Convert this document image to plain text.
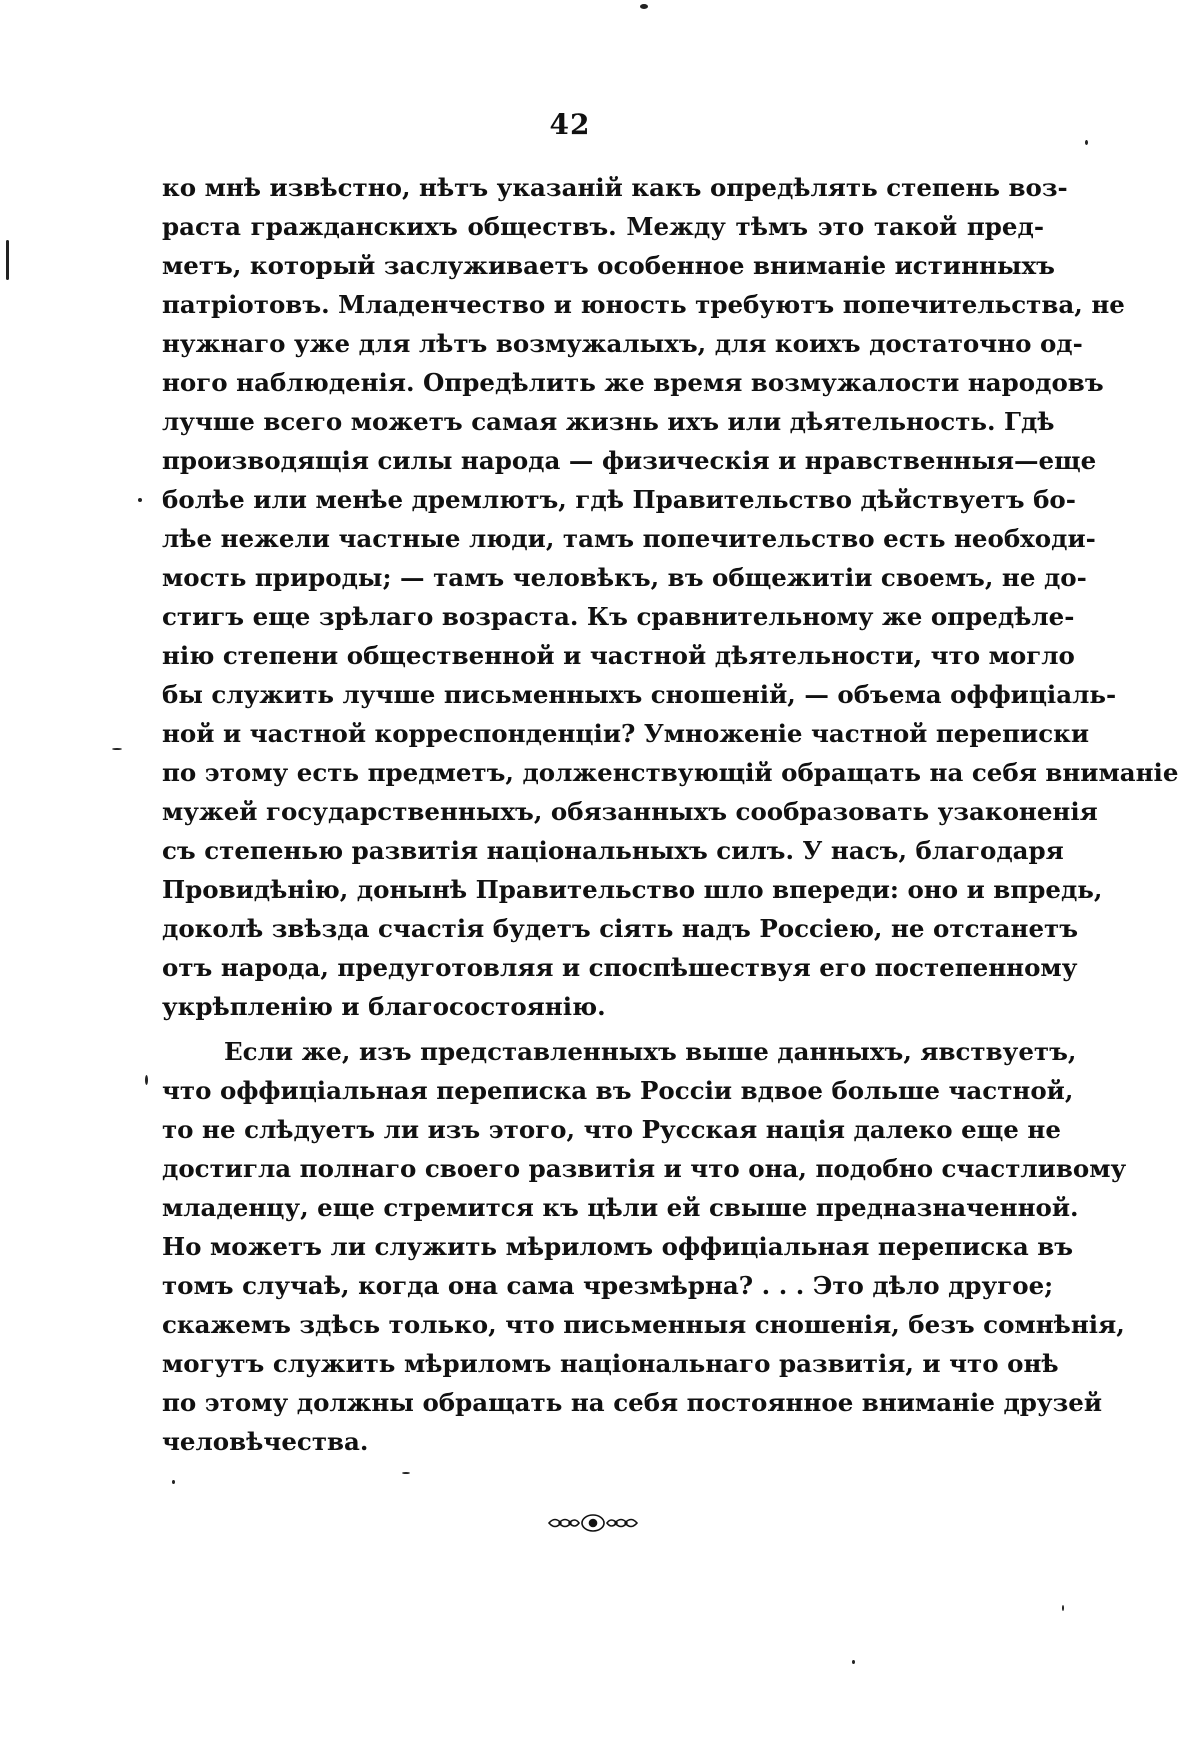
42
ко мнѣ извѣстно, нѣтъ указаній какъ опредѣлять степень воз-
раста гражданскихъ обществъ. Между тѣмъ это такой пред-
метъ, который заслуживаетъ особенное вниманіе истинныхъ
патріотовъ. Младенчество и юность требуютъ попечительства, не
нужнаго уже для лѣтъ возмужалыхъ, для коихъ достаточно од-
ного наблюденія. Опредѣлить же время возмужалости народовъ
лучше всего можетъ самая жизнь ихъ или дѣятельность. Гдѣ
производящія силы народа — физическія и нравственныя—еще
болѣе или менѣе дремлютъ, гдѣ Правительство дѣйствуетъ бо-
лѣе нежели частные люди, тамъ попечительство есть необходи-
мость природы; — тамъ человѣкъ, въ общежитіи своемъ, не до-
стигъ еще зрѣлаго возраста. Къ сравнительному же опредѣле-
нію степени общественной и частной дѣятельности, что могло
бы служить лучше письменныхъ сношеній, — объема оффиціаль-
ной и частной корреспонденціи? Умноженіе частной переписки
по этому есть предметъ, долженствующій обращать на себя вниманіе
мужей государственныхъ, обязанныхъ сообразовать узаконенія
съ степенью развитія національныхъ силъ. У насъ, благодаря
Провидѣнію, донынѣ Правительство шло впереди: оно и впредь,
доколѣ звѣзда счастія будетъ сіять надъ Россіею, не отстанетъ
отъ народа, предуготовляя и споспѣшествуя его постепенному
укрѣпленію и благосостоянію.
Если же, изъ представленныхъ выше данныхъ, явствуетъ,
что оффиціальная переписка въ Россіи вдвое больше частной,
то не слѣдуетъ ли изъ этого, что Русская нація далеко еще не
достигла полнаго своего развитія и что она, подобно счастливому
младенцу, еще стремится къ цѣли ей свыше предназначенной.
Но можетъ ли служить мѣриломъ оффиціальная переписка въ
томъ случаѣ, когда она сама чрезмѣрна? . . . Это дѣло другое;
скажемъ здѣсь только, что письменныя сношенія, безъ сомнѣнія,
могутъ служить мѣриломъ національнаго развитія, и что онѣ
по этому должны обращать на себя постоянное вниманіе друзей
человѣчества.
